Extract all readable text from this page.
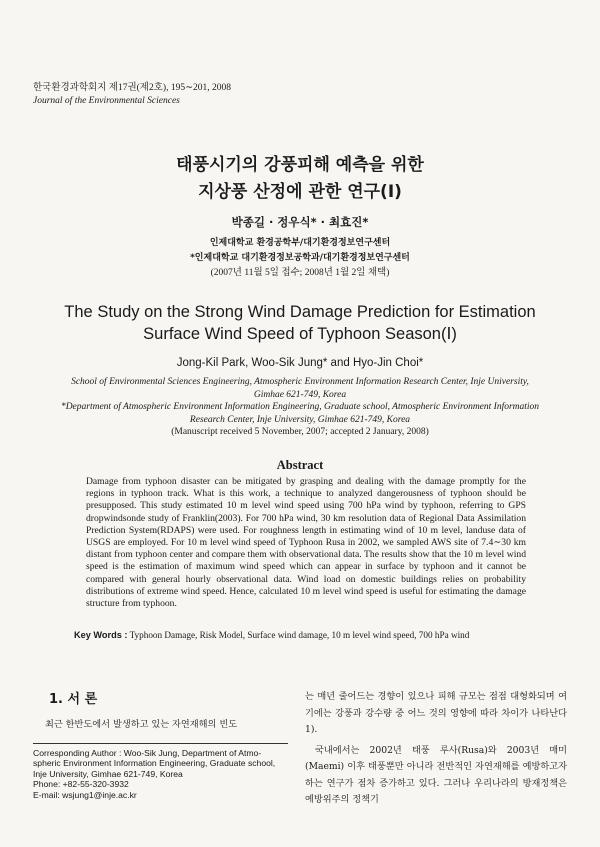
한국환경과학회지 제17권(제2호), 195∼201, 2008
Journal of the Environmental Sciences
태풍시기의 강풍피해 예측을 위한
지상풍 산정에 관한 연구(Ⅰ)
박종길 · 정우식* · 최효진*
인제대학교 환경공학부/대기환경정보연구센터
*인제대학교 대기환경정보공학과/대기환경정보연구센터
(2007년 11월 5일 접수; 2008년 1월 2일 채택)
The Study on the Strong Wind Damage Prediction for Estimation
Surface Wind Speed of Typhoon Season(Ⅰ)
Jong-Kil Park, Woo-Sik Jung* and Hyo-Jin Choi*
School of Environmental Sciences Engineering, Atmospheric Environment Information Research Center, Inje University, Gimhae 621-749, Korea
*Department of Atmospheric Environment Information Engineering, Graduate school, Atmospheric Environment Information Research Center, Inje University, Gimhae 621-749, Korea
(Manuscript received 5 November, 2007; accepted 2 January, 2008)
Abstract
Damage from typhoon disaster can be mitigated by grasping and dealing with the damage promptly for the regions in typhoon track. What is this work, a technique to analyzed dangerousness of typhoon should be presupposed. This study estimated 10 m level wind speed using 700 hPa wind by typhoon, referring to GPS dropwindsonde study of Franklin(2003). For 700 hPa wind, 30 km resolution data of Regional Data Assimilation Prediction System(RDAPS) were used. For roughness length in estimating wind of 10 m level, landuse data of USGS are employed. For 10 m level wind speed of Typhoon Rusa in 2002, we sampled AWS site of 7.4∼30 km distant from typhoon center and compare them with observational data. The results show that the 10 m level wind speed is the estimation of maximum wind speed which can appear in surface by typhoon and it cannot be compared with general hourly observational data. Wind load on domestic buildings relies on probability distributions of extreme wind speed. Hence, calculated 10 m level wind speed is useful for estimating the damage structure from typhoon.
Key Words : Typhoon Damage, Risk Model, Surface wind damage, 10 m level wind speed, 700 hPa wind
1. 서 론
최근 한반도에서 발생하고 있는 자연재해의 빈도
Corresponding Author : Woo-Sik Jung, Department of Atmo-
spheric Environment Information Engineering, Graduate school,
Inje University, Gimhae 621-749, Korea
Phone: +82-55-320-3932
E-mail: wsjung1@inje.ac.kr
는 매년 줄어드는 경향이 있으나 피해 규모는 점점 대형화되며 여기에는 강풍과 강수량 중 어느 것의 영향에 따라 차이가 나타난다1).
국내에서는 2002년 태풍 루사(Rusa)와 2003년 매미(Maemi) 이후 태풍뿐만 아니라 전반적인 자연재해를 예방하고자하는 연구가 점차 증가하고 있다. 그러나 우리나라의 방재정책은 예방위주의 정책기
